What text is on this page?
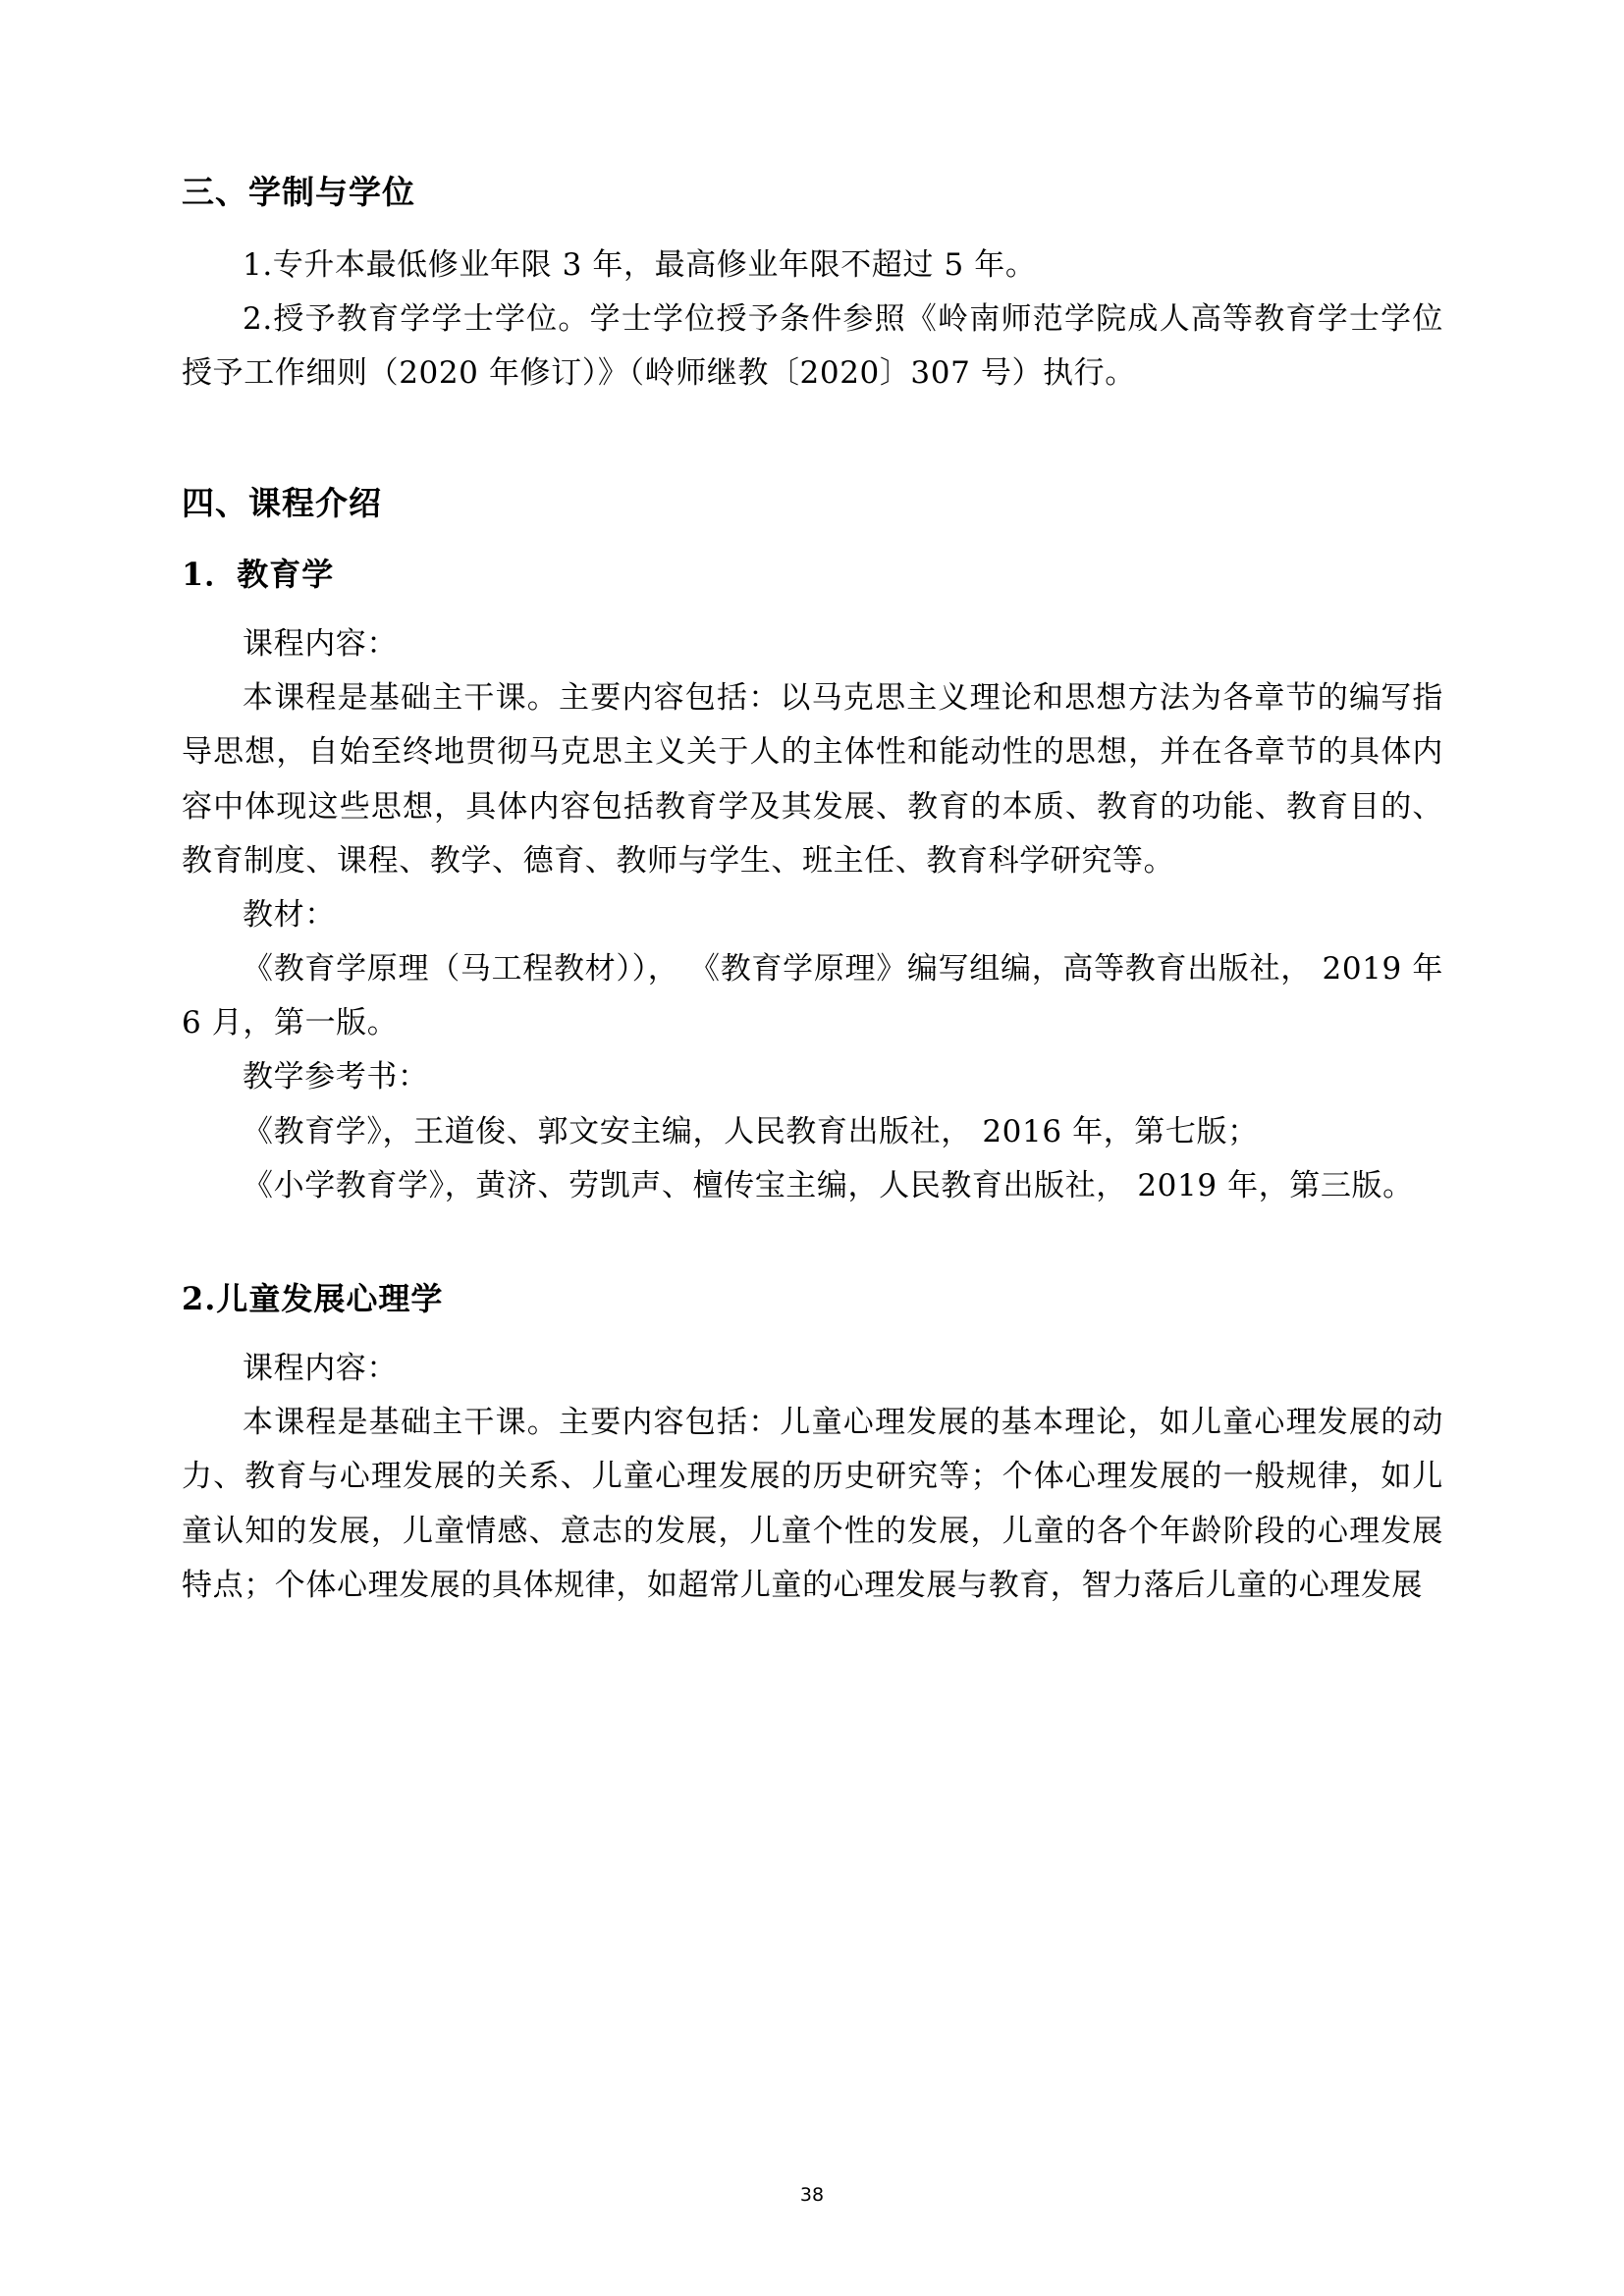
三、学制与学位

1.专升本最低修业年限 3 年，最高修业年限不超过 5 年。

2.授予教育学学士学位。学士学位授予条件参照《岭南师范学院成人高等教育学士学位授予工作细则（2020 年修订）》（岭师继教〔2020〕307 号）执行。

四、课程介绍
1．教育学

课程内容：

本课程是基础主干课。主要内容包括：以马克思主义理论和思想方法为各章节的编写指导思想，自始至终地贯彻马克思主义关于人的主体性和能动性的思想，并在各章节的具体内容中体现这些思想，具体内容包括教育学及其发展、教育的本质、教育的功能、教育目的、教育制度、课程、教学、德育、教师与学生、班主任、教育科学研究等。

教材：

《教育学原理（马工程教材））， 《教育学原理》编写组编，高等教育出版社， 2019 年 6 月，第一版。

教学参考书：

《教育学》，王道俊、郭文安主编，人民教育出版社， 2016 年，第七版；

《小学教育学》，黄济、劳凯声、檀传宝主编，人民教育出版社， 2019 年，第三版。

2.儿童发展心理学

课程内容：

本课程是基础主干课。主要内容包括：儿童心理发展的基本理论，如儿童心理发展的动力、教育与心理发展的关系、儿童心理发展的历史研究等；个体心理发展的一般规律，如儿童认知的发展，儿童情感、意志的发展，儿童个性的发展，儿童的各个年龄阶段的心理发展特点；个体心理发展的具体规律，如超常儿童的心理发展与教育，智力落后儿童的心理发展

38
